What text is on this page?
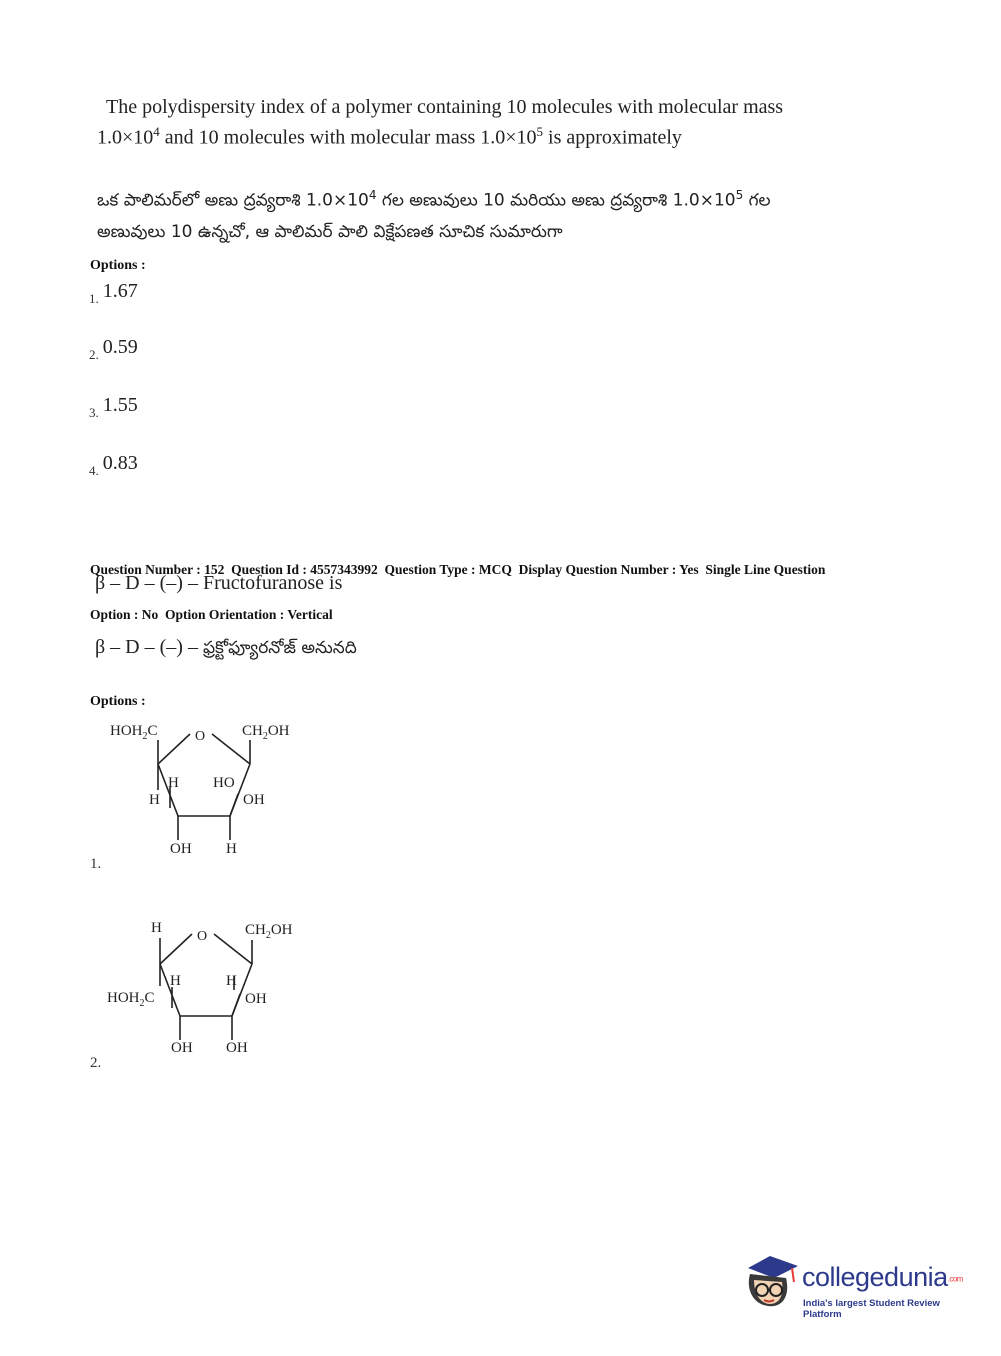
The polydispersity index of a polymer containing 10 molecules with molecular mass
$1.0\times 10^4$ and 10 molecules with molecular mass $1.0\times 10^5$ is approximately
ఒక పాలిమర్‌లో అణు ద్రవ్యరాశి $1.0\times 10^4$ గల అణువులు 10 మరియు అణు ద్రవ్యరాశి $1.0\times 10^5$ గల
అణువులు 10 ఉన్నచో, ఆ పాలిమర్ పాలి విక్షేపణత సూచిక సుమారుగా
Options :
$_{1.}$ 1.67
$_{2.}$ 0.59
$_{3.}$ 1.55
$_{4.}$ 0.83

Question Number : 152  Question Id : 4557343992  Question Type : MCQ  Display Question Number : Yes  Single Line Question

Option : No  Option Orientation : Vertical

β – D – (–) – Fructofuranose is
β – D – (–) – ఫ్రక్టోఫ్యూరనోజ్ అనునది
Options :
$HOH_2C$	O $CH_2OH$
H HO
H	OH
OH H
1.
H
O	$CH_2OH$
H	H
$HOH_2C$	OH
OH OH
2.
collegedunia.com
India's largest Student Review Platform
